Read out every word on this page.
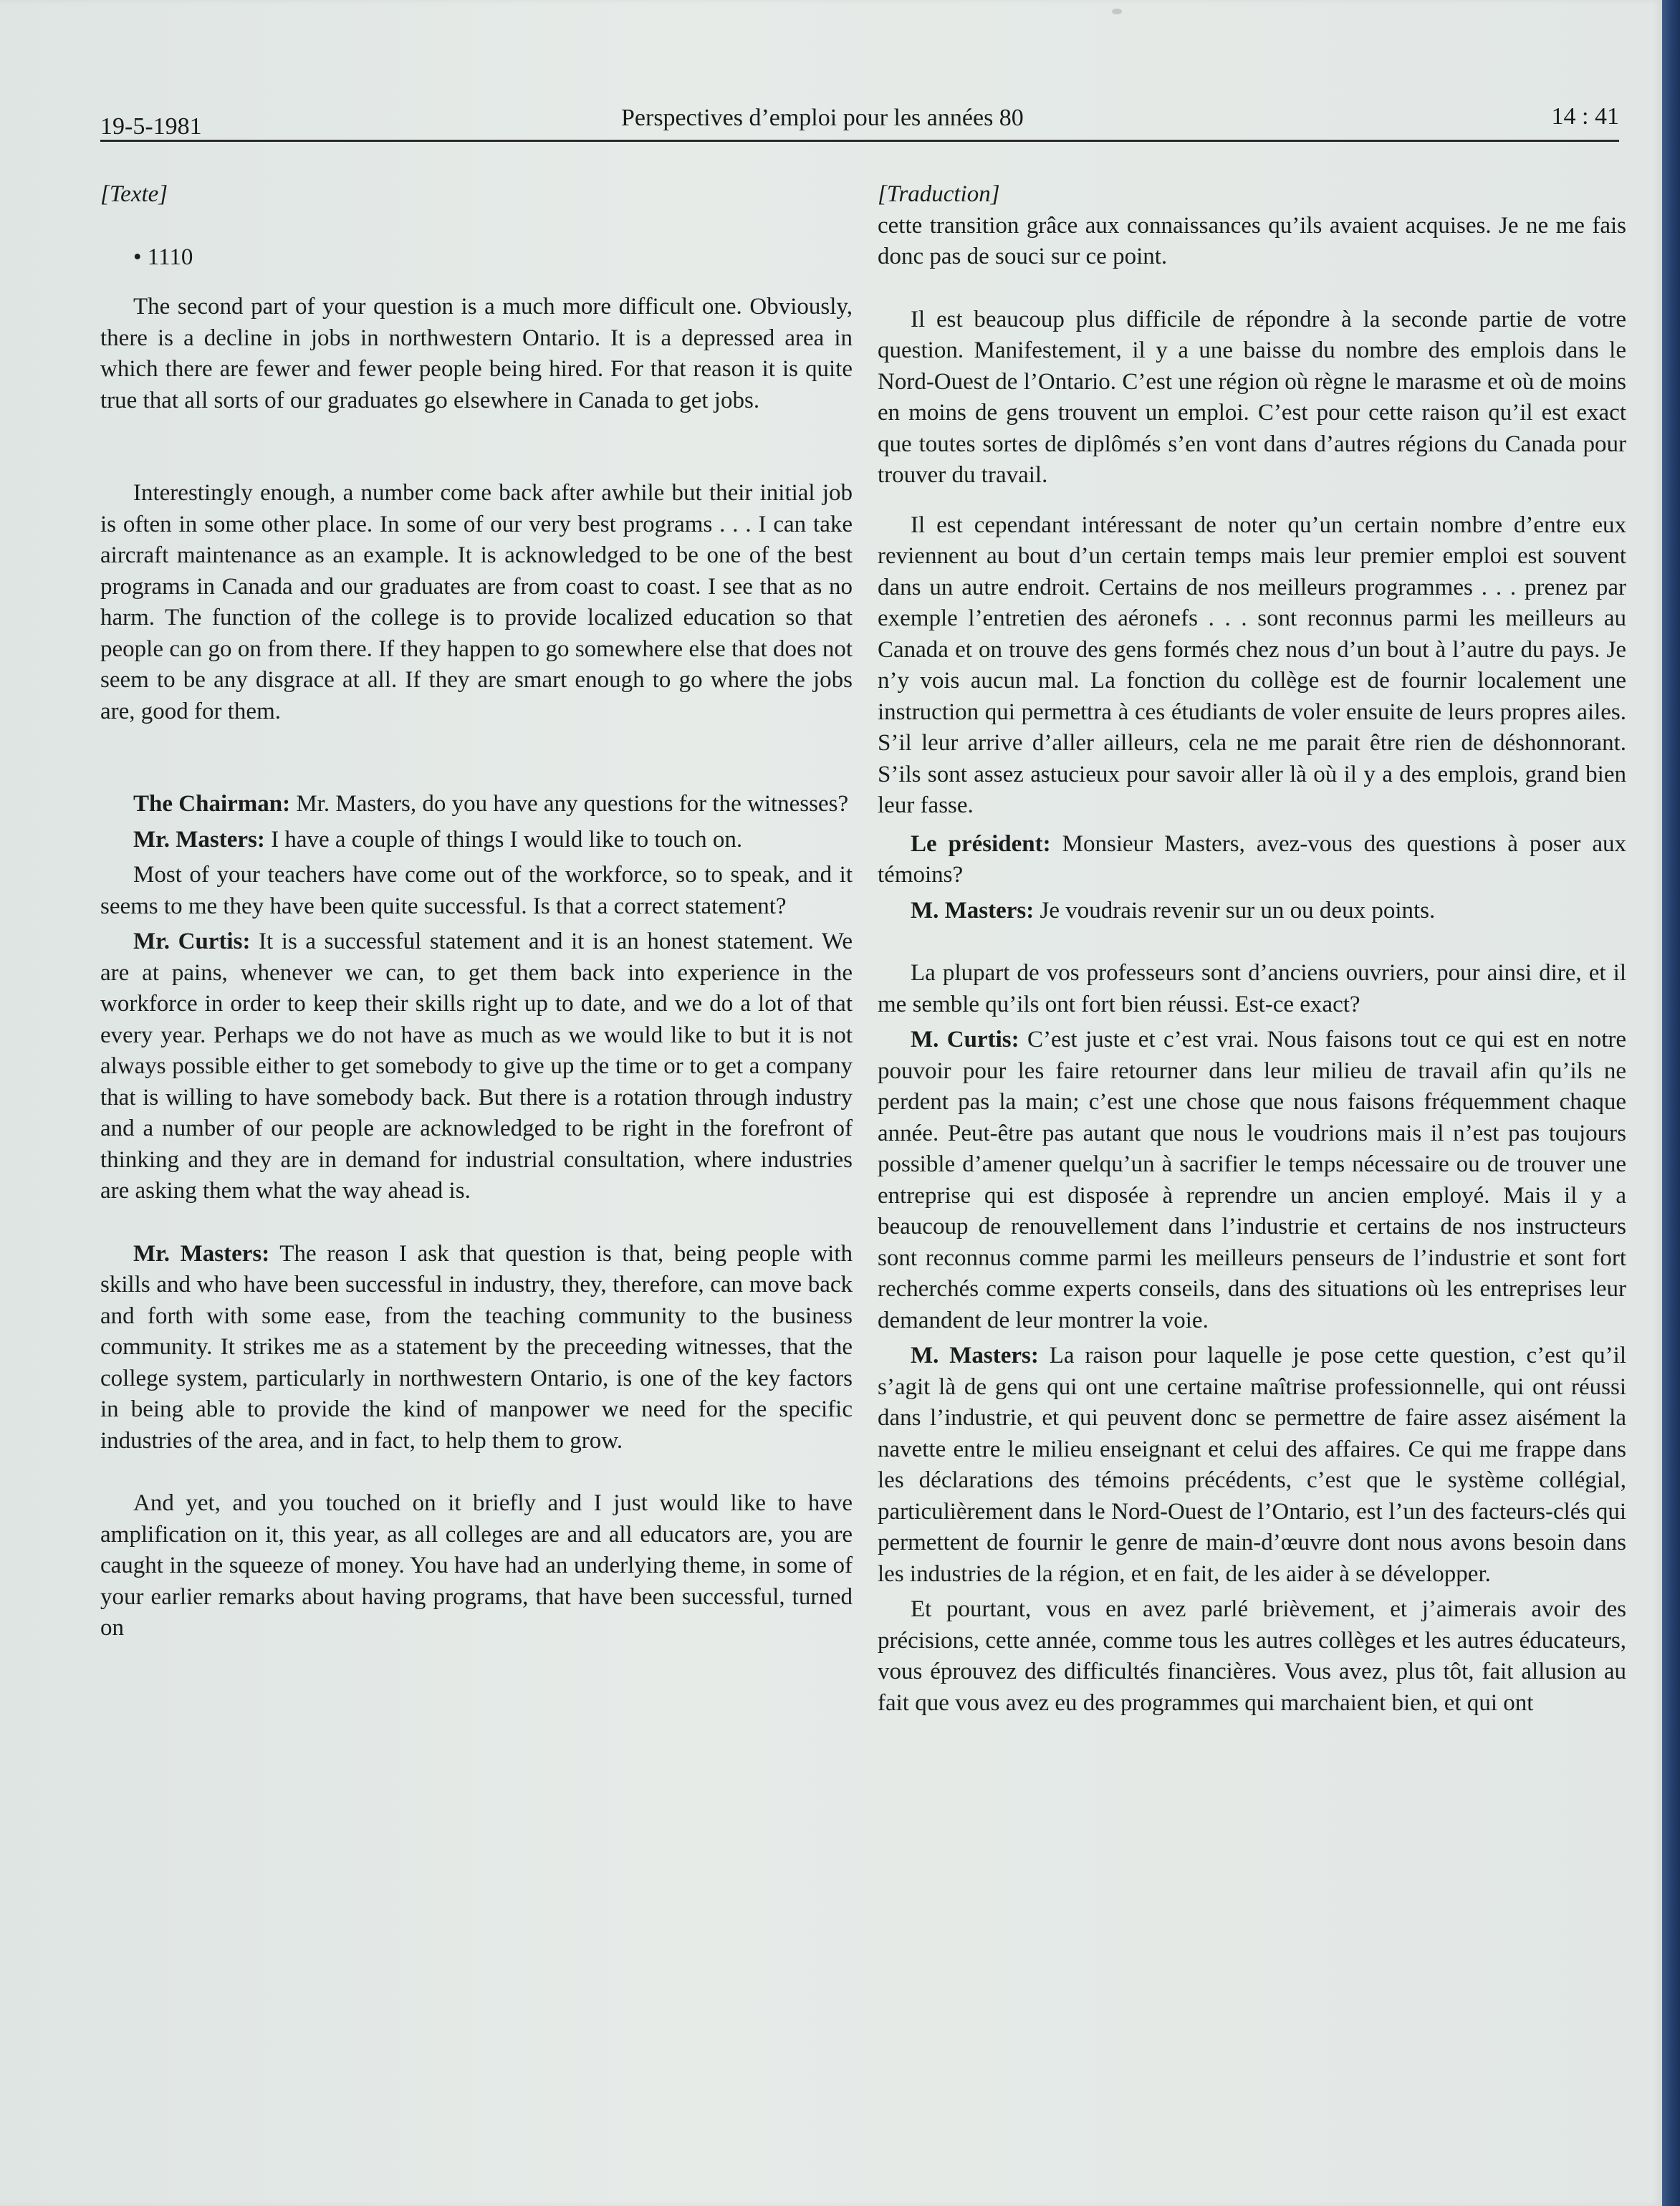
19-5-1981	Perspectives d’emploi pour les années 80	14 : 41

[Texte]

• 1110

The second part of your question is a much more difficult one. Obviously, there is a decline in jobs in northwestern Ontario. It is a depressed area in which there are fewer and fewer people being hired. For that reason it is quite true that all sorts of our graduates go elsewhere in Canada to get jobs.

Interestingly enough, a number come back after awhile but their initial job is often in some other place. In some of our very best programs . . . I can take aircraft maintenance as an example. It is acknowledged to be one of the best programs in Canada and our graduates are from coast to coast. I see that as no harm. The function of the college is to provide localized education so that people can go on from there. If they happen to go somewhere else that does not seem to be any disgrace at all. If they are smart enough to go where the jobs are, good for them.

The Chairman: Mr. Masters, do you have any questions for the witnesses?

Mr. Masters: I have a couple of things I would like to touch on.

Most of your teachers have come out of the workforce, so to speak, and it seems to me they have been quite successful. Is that a correct statement?

Mr. Curtis: It is a successful statement and it is an honest statement. We are at pains, whenever we can, to get them back into experience in the workforce in order to keep their skills right up to date, and we do a lot of that every year. Perhaps we do not have as much as we would like to but it is not always possible either to get somebody to give up the time or to get a company that is willing to have somebody back. But there is a rotation through industry and a number of our people are acknowledged to be right in the forefront of thinking and they are in demand for industrial consultation, where industries are asking them what the way ahead is.

Mr. Masters: The reason I ask that question is that, being people with skills and who have been successful in industry, they, therefore, can move back and forth with some ease, from the teaching community to the business community. It strikes me as a statement by the preceeding witnesses, that the college system, particularly in northwestern Ontario, is one of the key factors in being able to provide the kind of manpower we need for the specific industries of the area, and in fact, to help them to grow.

And yet, and you touched on it briefly and I just would like to have amplification on it, this year, as all colleges are and all educators are, you are caught in the squeeze of money. You have had an underlying theme, in some of your earlier remarks about having programs, that have been successful, turned on

[Traduction]

cette transition grâce aux connaissances qu’ils avaient acquises. Je ne me fais donc pas de souci sur ce point.

Il est beaucoup plus difficile de répondre à la seconde partie de votre question. Manifestement, il y a une baisse du nombre des emplois dans le Nord-Ouest de l’Ontario. C’est une région où règne le marasme et où de moins en moins de gens trouvent un emploi. C’est pour cette raison qu’il est exact que toutes sortes de diplômés s’en vont dans d’autres régions du Canada pour trouver du travail.

Il est cependant intéressant de noter qu’un certain nombre d’entre eux reviennent au bout d’un certain temps mais leur premier emploi est souvent dans un autre endroit. Certains de nos meilleurs programmes . . . prenez par exemple l’entretien des aéronefs . . . sont reconnus parmi les meilleurs au Canada et on trouve des gens formés chez nous d’un bout à l’autre du pays. Je n’y vois aucun mal. La fonction du collège est de fournir localement une instruction qui permettra à ces étudiants de voler ensuite de leurs propres ailes. S’il leur arrive d’aller ailleurs, cela ne me parait être rien de déshonnorant. S’ils sont assez astucieux pour savoir aller là où il y a des emplois, grand bien leur fasse.

Le président: Monsieur Masters, avez-vous des questions à poser aux témoins?

M. Masters: Je voudrais revenir sur un ou deux points.

La plupart de vos professeurs sont d’anciens ouvriers, pour ainsi dire, et il me semble qu’ils ont fort bien réussi. Est-ce exact?

M. Curtis: C’est juste et c’est vrai. Nous faisons tout ce qui est en notre pouvoir pour les faire retourner dans leur milieu de travail afin qu’ils ne perdent pas la main; c’est une chose que nous faisons fréquemment chaque année. Peut-être pas autant que nous le voudrions mais il n’est pas toujours possible d’amener quelqu’un à sacrifier le temps nécessaire ou de trouver une entreprise qui est disposée à reprendre un ancien employé. Mais il y a beaucoup de renouvellement dans l’industrie et certains de nos instructeurs sont reconnus comme parmi les meilleurs penseurs de l’industrie et sont fort recherchés comme experts conseils, dans des situations où les entreprises leur demandent de leur montrer la voie.

M. Masters: La raison pour laquelle je pose cette question, c’est qu’il s’agit là de gens qui ont une certaine maîtrise professionnelle, qui ont réussi dans l’industrie, et qui peuvent donc se permettre de faire assez aisément la navette entre le milieu enseignant et celui des affaires. Ce qui me frappe dans les déclarations des témoins précédents, c’est que le système collégial, particulièrement dans le Nord-Ouest de l’Ontario, est l’un des facteurs-clés qui permettent de fournir le genre de main-d’œuvre dont nous avons besoin dans les industries de la région, et en fait, de les aider à se développer.

Et pourtant, vous en avez parlé brièvement, et j’aimerais avoir des précisions, cette année, comme tous les autres collèges et les autres éducateurs, vous éprouvez des difficultés financières. Vous avez, plus tôt, fait allusion au fait que vous avez eu des programmes qui marchaient bien, et qui ont
